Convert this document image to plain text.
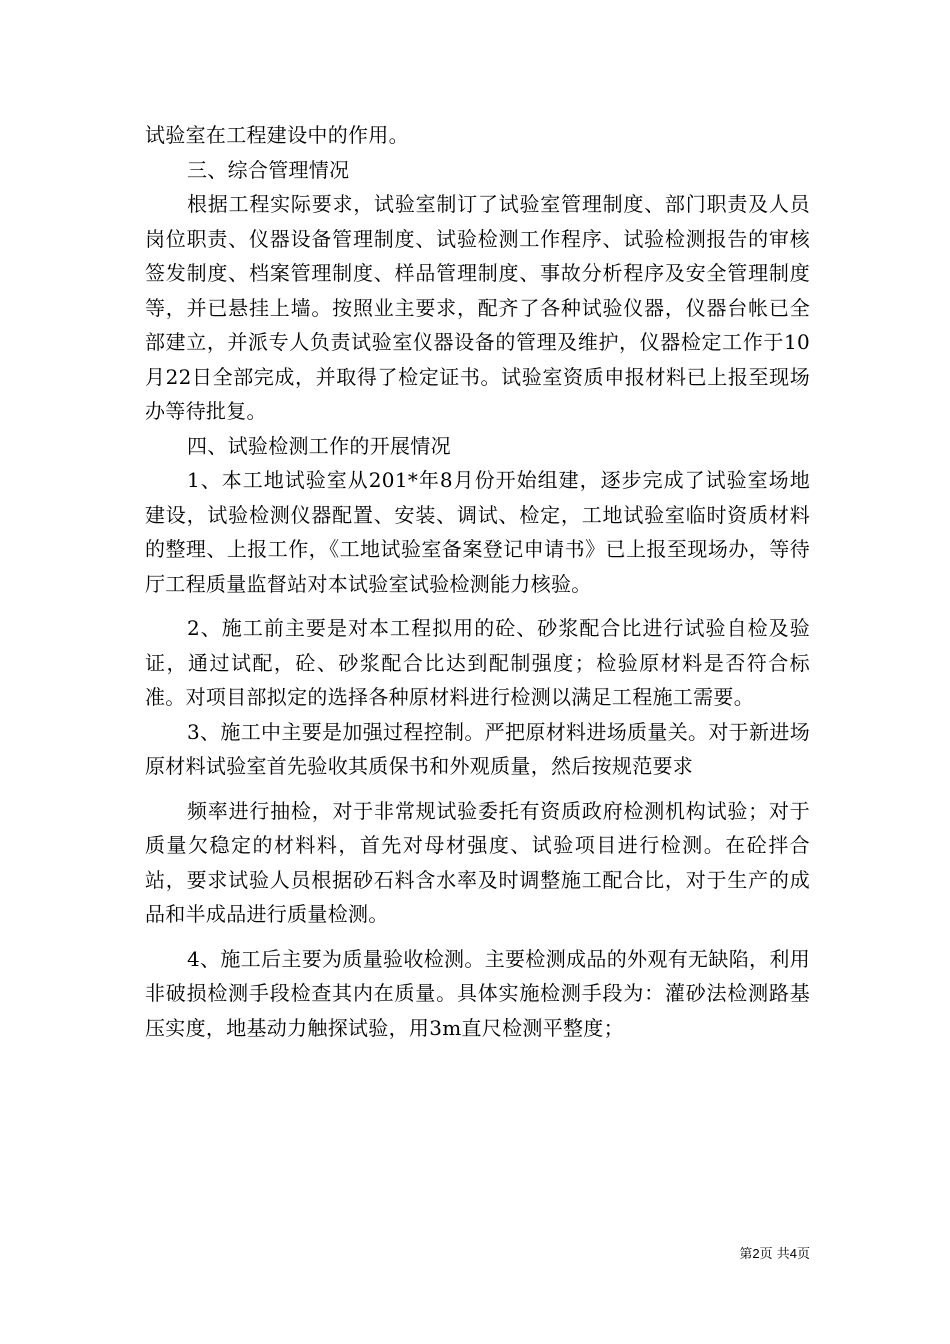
试验室在工程建设中的作用。

三、综合管理情况

根据工程实际要求，试验室制订了试验室管理制度、部门职责及人员岗位职责、仪器设备管理制度、试验检测工作程序、试验检测报告的审核签发制度、档案管理制度、样品管理制度、事故分析程序及安全管理制度等，并已悬挂上墙。按照业主要求，配齐了各种试验仪器，仪器台帐已全部建立，并派专人负责试验室仪器设备的管理及维护，仪器检定工作于10月22日全部完成，并取得了检定证书。试验室资质申报材料已上报至现场办等待批复。

四、试验检测工作的开展情况

1、本工地试验室从201*年8月份开始组建，逐步完成了试验室场地建设，试验检测仪器配置、安装、调试、检定，工地试验室临时资质材料的整理、上报工作，《工地试验室备案登记申请书》已上报至现场办，等待厅工程质量监督站对本试验室试验检测能力核验。

2、施工前主要是对本工程拟用的砼、砂浆配合比进行试验自检及验证，通过试配，砼、砂浆配合比达到配制强度；检验原材料是否符合标准。对项目部拟定的选择各种原材料进行检测以满足工程施工需要。

3、施工中主要是加强过程控制。严把原材料进场质量关。对于新进场原材料试验室首先验收其质保书和外观质量，然后按规范要求

频率进行抽检，对于非常规试验委托有资质政府检测机构试验；对于质量欠稳定的材料料，首先对母材强度、试验项目进行检测。在砼拌合站，要求试验人员根据砂石料含水率及时调整施工配合比，对于生产的成品和半成品进行质量检测。

4、施工后主要为质量验收检测。主要检测成品的外观有无缺陷，利用非破损检测手段检查其内在质量。具体实施检测手段为：灌砂法检测路基压实度，地基动力触探试验，用3m直尺检测平整度；

第2页 共4页
